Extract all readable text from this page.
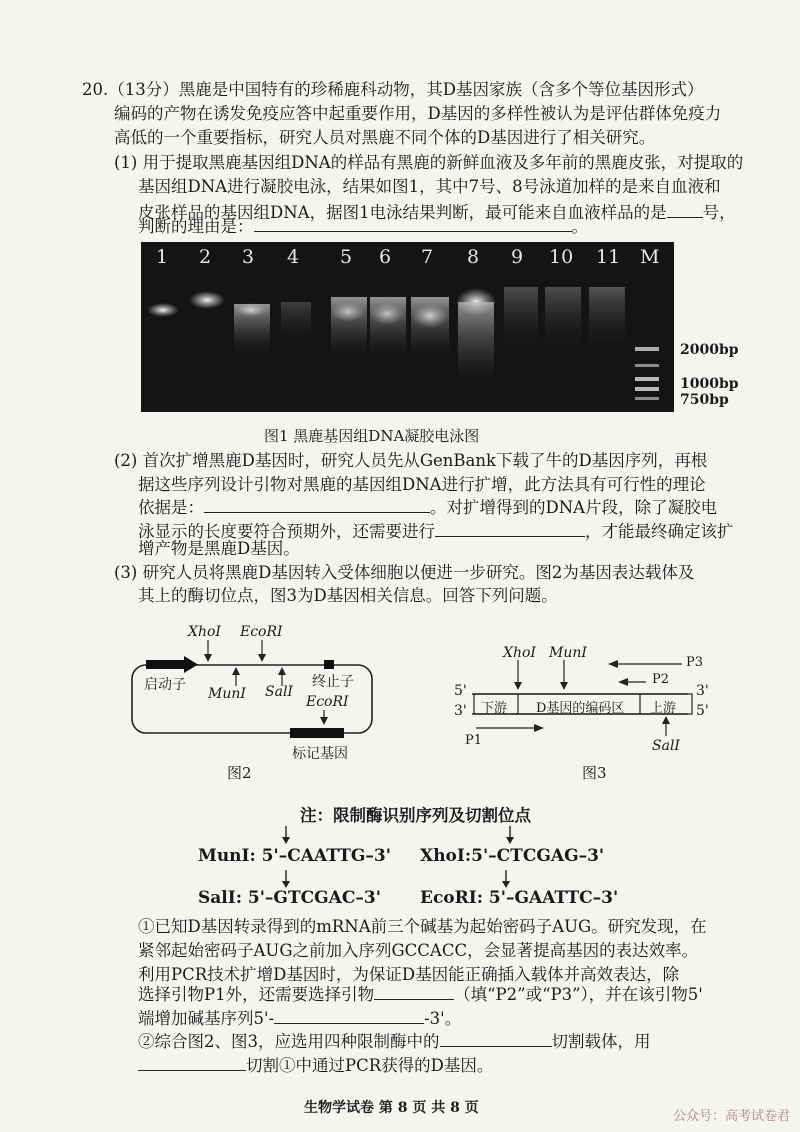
20.（13分）黑鹿是中国特有的珍稀鹿科动物，其D基因家族（含多个等位基因形式）
编码的产物在诱发免疫应答中起重要作用，D基因的多样性被认为是评估群体免疫力
高低的一个重要指标，研究人员对黑鹿不同个体的D基因进行了相关研究。
(1) 用于提取黑鹿基因组DNA的样品有黑鹿的新鲜血液及多年前的黑鹿皮张，对提取的
基因组DNA进行凝胶电泳，结果如图1，其中7号、8号泳道加样的是来自血液和
皮张样品的基因组DNA，据图1电泳结果判断，最可能来自血液样品的是 号，
判断的理由是：	。
1 2 3 4 5 6 7 8 9 10 11 M
2000bp
1000bp
750bp
图1 黑鹿基因组DNA凝胶电泳图
(2) 首次扩增黑鹿D基因时，研究人员先从GenBank下载了牛的D基因序列，再根
据这些序列设计引物对黑鹿的基因组DNA进行扩增，此方法具有可行性的理论
依据是：	。对扩增得到的DNA片段，除了凝胶电
泳显示的长度要符合预期外，还需要进行	，才能最终确定该扩
增产物是黑鹿D基因。
(3) 研究人员将黑鹿D基因转入受体细胞以便进一步研究。图2为基因表达载体及
其上的酶切位点，图3为D基因相关信息。回答下列问题。
XhoⅠ EcoRⅠ
MunⅠ SalⅠ
启动子	终止子
EcoRⅠ
标记基因
图2
XhoⅠ MunⅠ
P3
P2
5'
3'
3'
5'
下游 D基因的编码区 上游
P1	SalⅠ
图3
注：限制酶识别序列及切割位点
MunⅠ: 5'–CAATTG–3' XhoⅠ:5'–CTCGAG–3'
SalⅠ: 5'–GTCGAC–3' EcoRⅠ: 5'–GAATTC–3'
①已知D基因转录得到的mRNA前三个碱基为起始密码子AUG。研究发现，在
紧邻起始密码子AUG之前加入序列GCCACC，会显著提高基因的表达效率。
利用PCR技术扩增D基因时，为保证D基因能正确插入载体并高效表达，除
选择引物P1外，还需要选择引物	（填“P2”或“P3”），并在该引物5'
端增加碱基序列5'-	-3'。
②综合图2、图3，应选用四种限制酶中的	切割载体，用
切割①中通过PCR获得的D基因。
生物学试卷 第 8 页 共 8 页
公众号：高考试卷君
